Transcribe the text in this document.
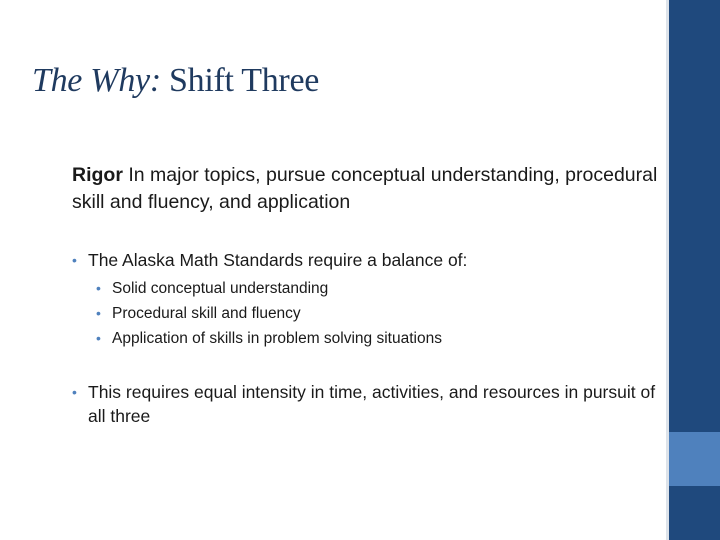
The Why: Shift Three

Rigor In major topics, pursue conceptual understanding, procedural skill and fluency, and application

• The Alaska Math Standards require a balance of:
• Solid conceptual understanding
• Procedural skill and fluency
• Application of skills in problem solving situations
• This requires equal intensity in time, activities, and resources in pursuit of all three
